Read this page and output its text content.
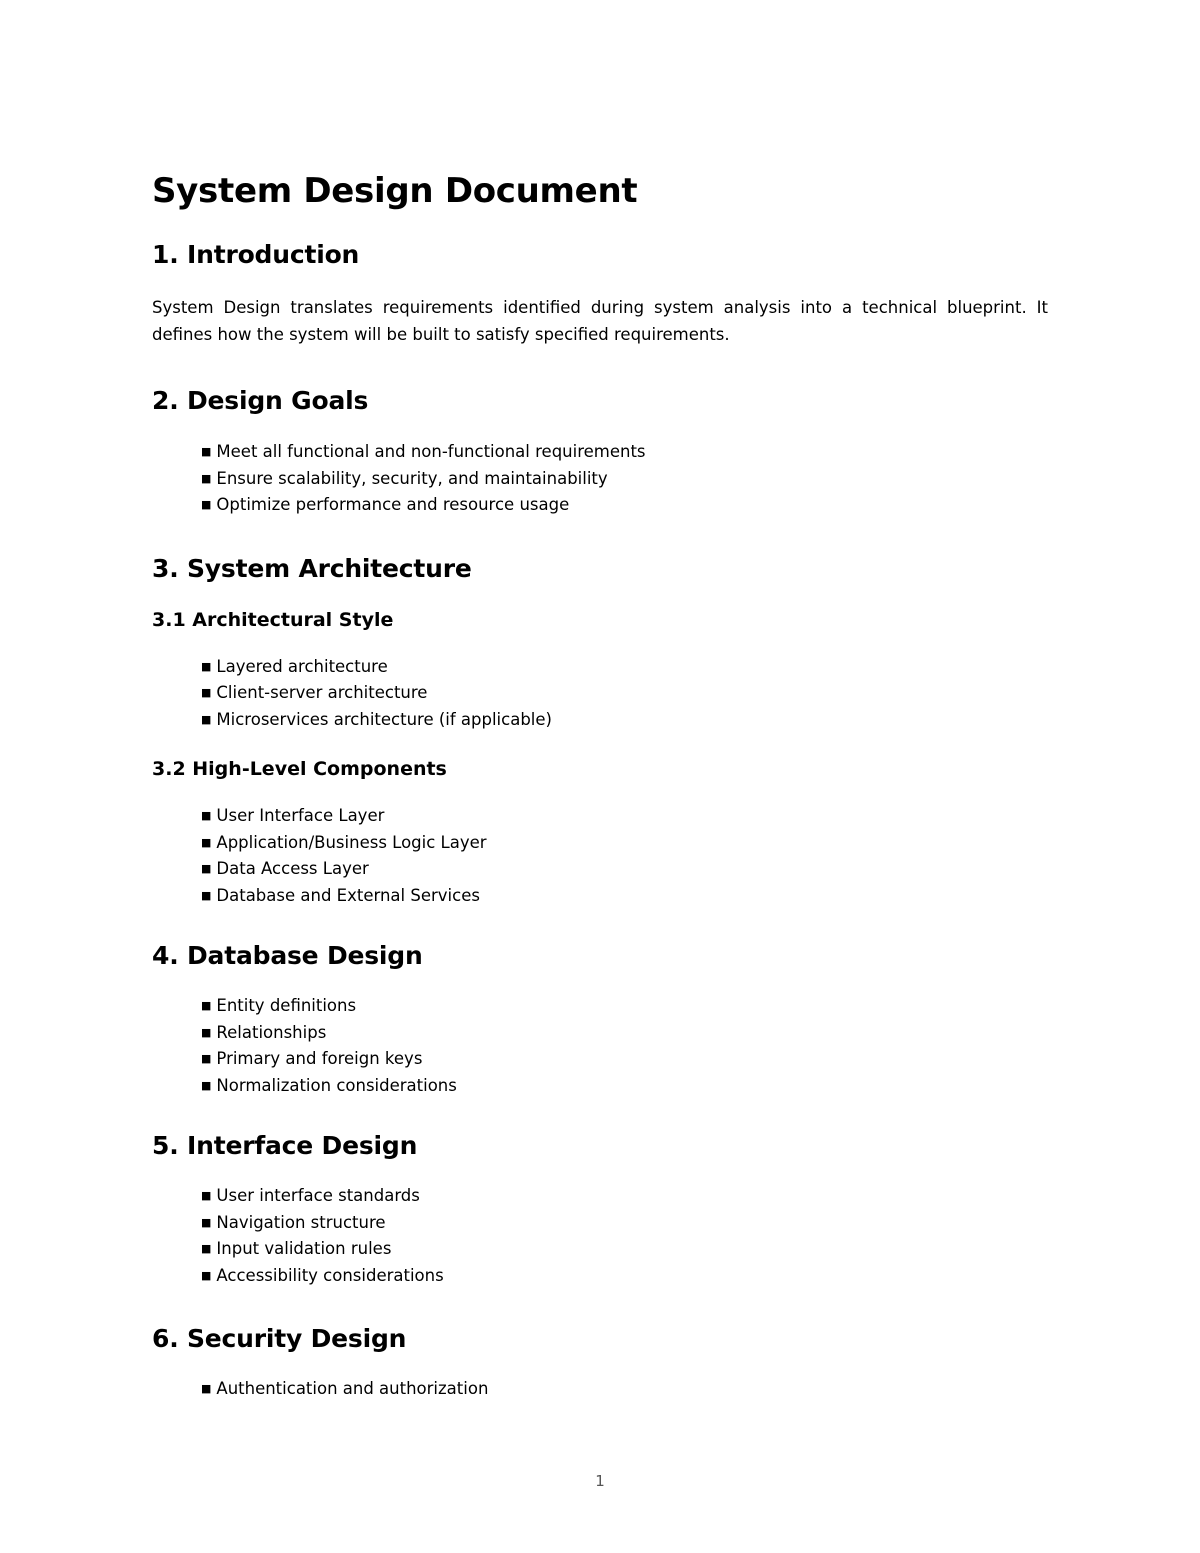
System Design Document
1. Introduction

System Design translates requirements identified during system analysis into a technical blueprint. It defines how the system will be built to satisfy specified requirements.

2. Design Goals
■ Meet all functional and non-functional requirements
■ Ensure scalability, security, and maintainability
■ Optimize performance and resource usage
3. System Architecture
3.1 Architectural Style
■ Layered architecture
■ Client-server architecture
■ Microservices architecture (if applicable)
3.2 High-Level Components
■ User Interface Layer
■ Application/Business Logic Layer
■ Data Access Layer
■ Database and External Services
4. Database Design
■ Entity definitions
■ Relationships
■ Primary and foreign keys
■ Normalization considerations
5. Interface Design
■ User interface standards
■ Navigation structure
■ Input validation rules
■ Accessibility considerations
6. Security Design
■ Authentication and authorization
1
